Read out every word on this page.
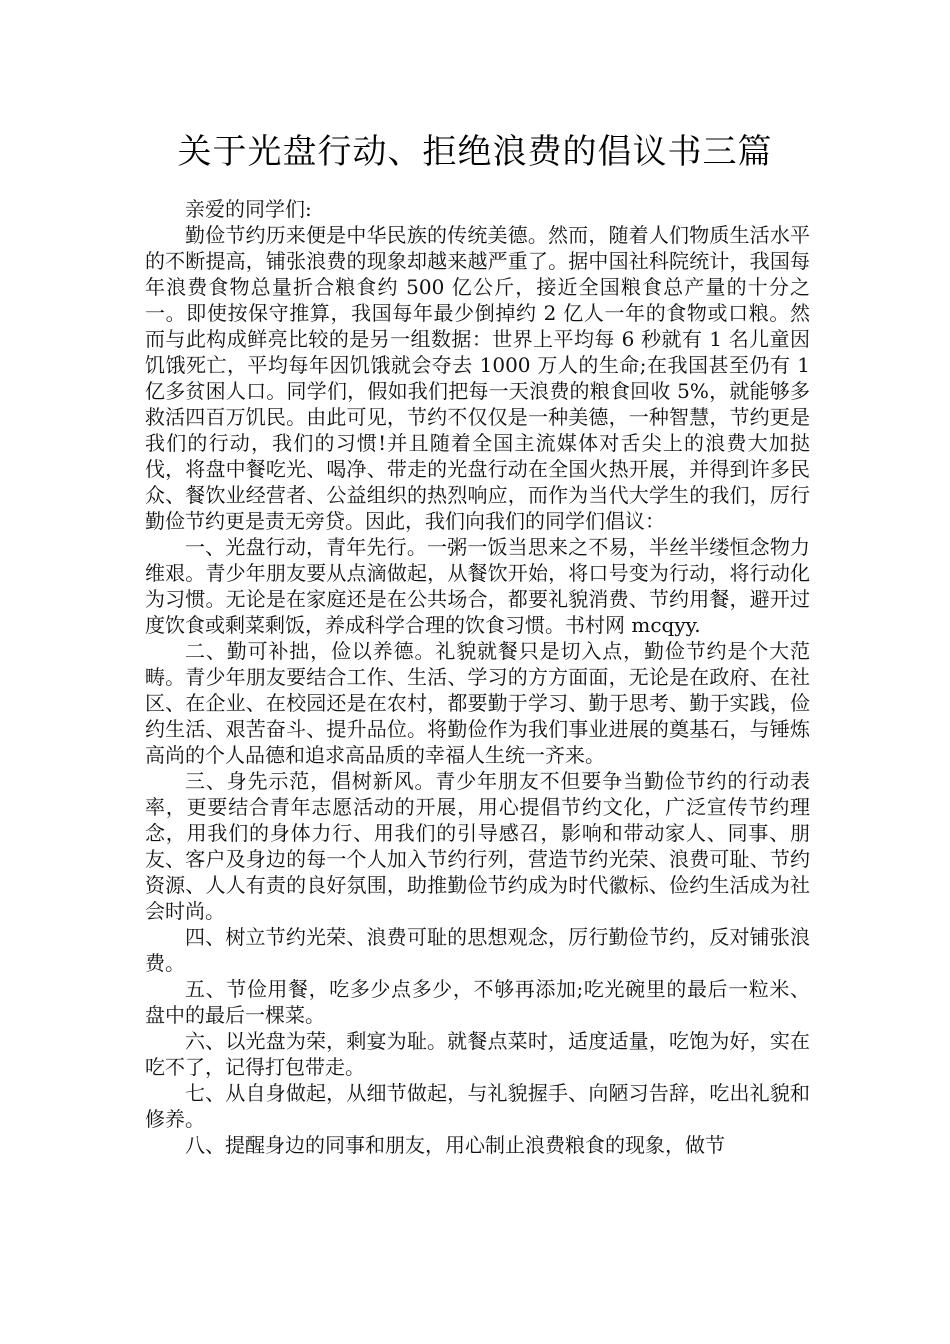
关于光盘行动、拒绝浪费的倡议书三篇

亲爱的同学们:

勤俭节约历来便是中华民族的传统美德。然而，随着人们物质生活水平的不断提高，铺张浪费的现象却越来越严重了。据中国社科院统计，我国每年浪费食物总量折合粮食约 500 亿公斤，接近全国粮食总产量的十分之一。即使按保守推算，我国每年最少倒掉约 2 亿人一年的食物或口粮。然而与此构成鲜亮比较的是另一组数据：世界上平均每 6 秒就有 1 名儿童因饥饿死亡，平均每年因饥饿就会夺去 1000 万人的生命;在我国甚至仍有 1 亿多贫困人口。同学们，假如我们把每一天浪费的粮食回收 5%，就能够多救活四百万饥民。由此可见，节约不仅仅是一种美德，一种智慧，节约更是我们的行动，我们的习惯!并且随着全国主流媒体对舌尖上的浪费大加挞伐，将盘中餐吃光、喝净、带走的光盘行动在全国火热开展，并得到许多民众、餐饮业经营者、公益组织的热烈响应，而作为当代大学生的我们，厉行勤俭节约更是责无旁贷。因此，我们向我们的同学们倡议：

一、光盘行动，青年先行。一粥一饭当思来之不易，半丝半缕恒念物力维艰。青少年朋友要从点滴做起，从餐饮开始，将口号变为行动，将行动化为习惯。无论是在家庭还是在公共场合，都要礼貌消费、节约用餐，避开过度饮食或剩菜剩饭，养成科学合理的饮食习惯。书村网 mcqyy.

二、勤可补拙，俭以养德。礼貌就餐只是切入点，勤俭节约是个大范畴。青少年朋友要结合工作、生活、学习的方方面面，无论是在政府、在社区、在企业、在校园还是在农村，都要勤于学习、勤于思考、勤于实践，俭约生活、艰苦奋斗、提升品位。将勤俭作为我们事业进展的奠基石，与锤炼高尚的个人品德和追求高品质的幸福人生统一齐来。

三、身先示范，倡树新风。青少年朋友不但要争当勤俭节约的行动表率，更要结合青年志愿活动的开展，用心提倡节约文化，广泛宣传节约理念，用我们的身体力行、用我们的引导感召，影响和带动家人、同事、朋友、客户及身边的每一个人加入节约行列，营造节约光荣、浪费可耻、节约资源、人人有责的良好氛围，助推勤俭节约成为时代徽标、俭约生活成为社会时尚。

四、树立节约光荣、浪费可耻的思想观念，厉行勤俭节约，反对铺张浪费。

五、节俭用餐，吃多少点多少，不够再添加;吃光碗里的最后一粒米、盘中的最后一棵菜。

六、以光盘为荣，剩宴为耻。就餐点菜时，适度适量，吃饱为好，实在吃不了，记得打包带走。

七、从自身做起，从细节做起，与礼貌握手、向陋习告辞，吃出礼貌和修养。

八、提醒身边的同事和朋友，用心制止浪费粮食的现象，做节
